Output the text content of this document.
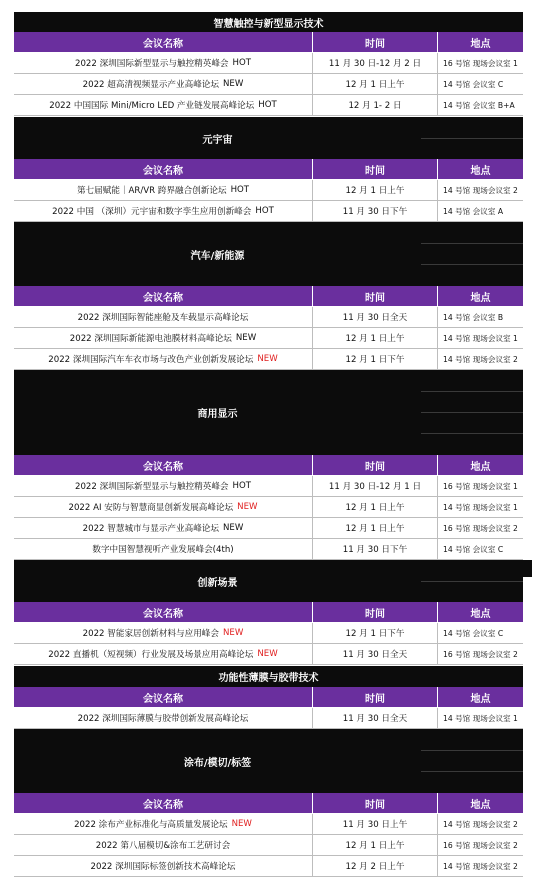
智慧触控与新型显示技术
会议名称	时间	地点
2022 深圳国际新型显示与触控精英峰会 HOT	11 月 30 日-12 月 2 日	16 号馆 现场会议室 1
2022 超高清视频显示产业高峰论坛 NEW	12 月 1 日上午	14 号馆 会议室 C
2022 中国国际 Mini/Micro LED 产业链发展高峰论坛 HOT	12 月 1- 2 日	14 号馆 会议室 B+A
元宇宙
会议名称	时间	地点
第七届赋能｜AR/VR 跨界融合创新论坛 HOT	12 月 1 日上午	14 号馆 现场会议室 2
2022 中国 （深圳）元宇宙和数字孪生应用创新峰会 HOT	11 月 30 日下午	14 号馆 会议室 A
汽车/新能源
会议名称	时间	地点
2022 深圳国际智能座舱及车载显示高峰论坛	11 月 30 日全天	14 号馆 会议室 B
2022 深圳国际新能源电池膜材料高峰论坛 NEW	12 月 1 日上午	14 号馆 现场会议室 1
2022 深圳国际汽车车衣市场与改色产业创新发展论坛 NEW	12 月 1 日下午	14 号馆 现场会议室 2
商用显示
会议名称	时间	地点
2022 深圳国际新型显示与触控精英峰会 HOT	11 月 30 日-12 月 1 日	16 号馆 现场会议室 1
2022 AI 安防与智慧商显创新发展高峰论坛 NEW	12 月 1 日上午	14 号馆 现场会议室 1
2022 智慧城市与显示产业高峰论坛 NEW	12 月 1 日上午	16 号馆 现场会议室 2
数字中国智慧视听产业发展峰会(4th)	11 月 30 日下午	14 号馆 会议室 C
创新场景
会议名称	时间	地点
2022 智能家居创新材料与应用峰会 NEW	12 月 1 日下午	14 号馆 会议室 C
2022 直播机（短视频）行业发展及场景应用高峰论坛 NEW	11 月 30 日全天	16 号馆 现场会议室 2
功能性薄膜与胶带技术
会议名称	时间	地点
2022 深圳国际薄膜与胶带创新发展高峰论坛	11 月 30 日全天	14 号馆 现场会议室 1
涂布/模切/标签
会议名称	时间	地点
2022 涂布产业标准化与高质量发展论坛 NEW	11 月 30 日上午	14 号馆 现场会议室 2
2022 第八届模切&涂布工艺研讨会	12 月 1 日上午	16 号馆 现场会议室 2
2022 深圳国际标签创新技术高峰论坛	12 月 2 日上午	14 号馆 现场会议室 2
